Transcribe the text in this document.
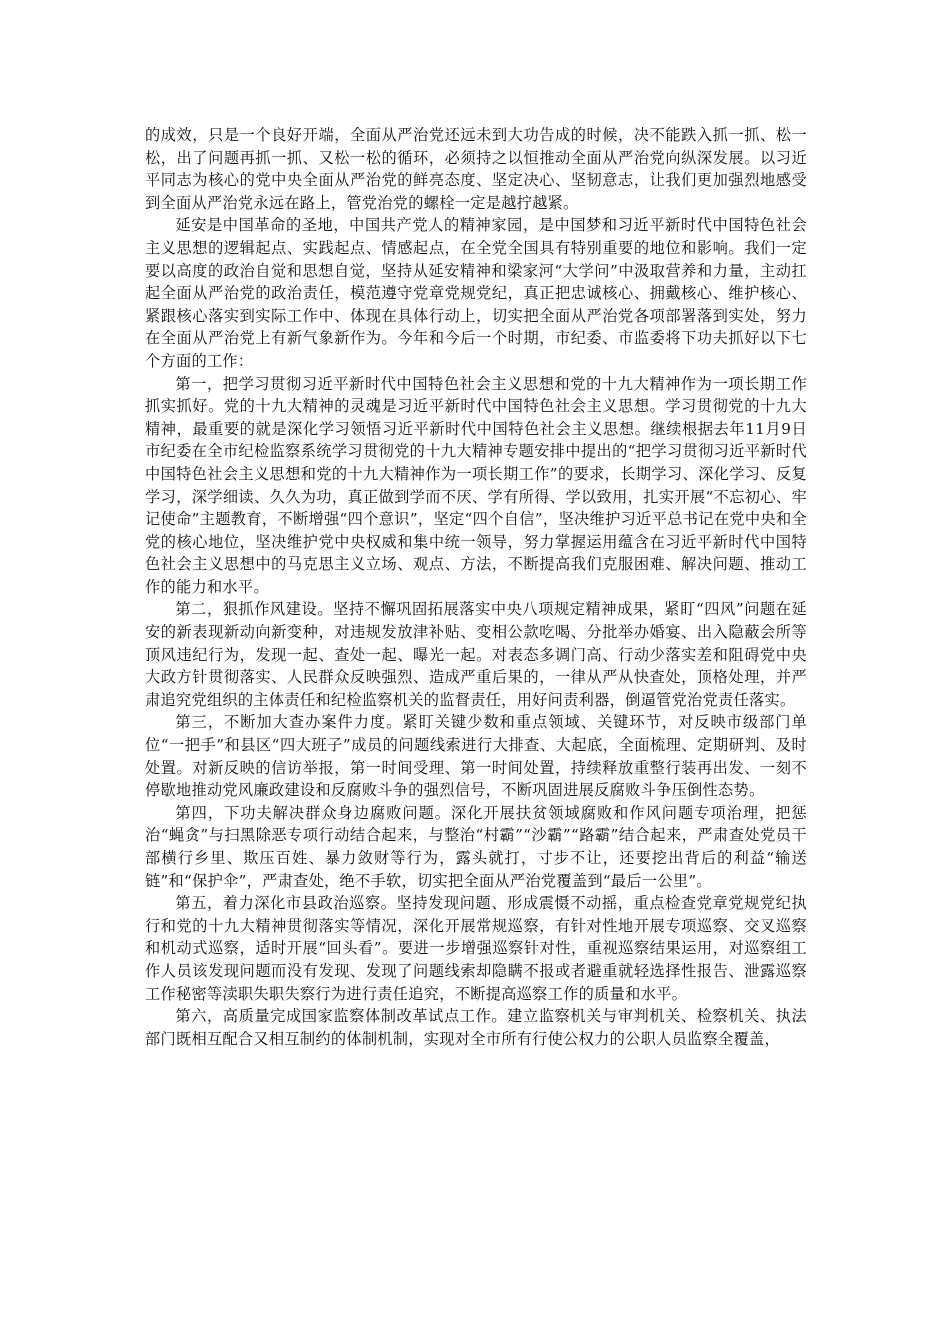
的成效，只是一个良好开端，全面从严治党还远未到大功告成的时候，决不能跌入抓一抓、松一松，出了问题再抓一抓、又松一松的循环，必须持之以恒推动全面从严治党向纵深发展。以习近平同志为核心的党中央全面从严治党的鲜亮态度、坚定决心、坚韧意志，让我们更加强烈地感受到全面从严治党永远在路上，管党治党的螺栓一定是越拧越紧。

延安是中国革命的圣地，中国共产党人的精神家园，是中国梦和习近平新时代中国特色社会主义思想的逻辑起点、实践起点、情感起点，在全党全国具有特别重要的地位和影响。我们一定要以高度的政治自觉和思想自觉，坚持从延安精神和梁家河“大学问”中汲取营养和力量，主动扛起全面从严治党的政治责任，模范遵守党章党规党纪，真正把忠诚核心、拥戴核心、维护核心、紧跟核心落实到实际工作中、体现在具体行动上，切实把全面从严治党各项部署落到实处，努力在全面从严治党上有新气象新作为。今年和今后一个时期，市纪委、市监委将下功夫抓好以下七个方面的工作：

第一，把学习贯彻习近平新时代中国特色社会主义思想和党的十九大精神作为一项长期工作抓实抓好。党的十九大精神的灵魂是习近平新时代中国特色社会主义思想。学习贯彻党的十九大精神，最重要的就是深化学习领悟习近平新时代中国特色社会主义思想。继续根据去年11月9日市纪委在全市纪检监察系统学习贯彻党的十九大精神专题安排中提出的“把学习贯彻习近平新时代中国特色社会主义思想和党的十九大精神作为一项长期工作”的要求，长期学习、深化学习、反复学习，深学细读、久久为功，真正做到学而不厌、学有所得、学以致用，扎实开展“不忘初心、牢记使命”主题教育，不断增强“四个意识”，坚定“四个自信”，坚决维护习近平总书记在党中央和全党的核心地位，坚决维护党中央权威和集中统一领导，努力掌握运用蕴含在习近平新时代中国特色社会主义思想中的马克思主义立场、观点、方法，不断提高我们克服困难、解决问题、推动工作的能力和水平。

第二，狠抓作风建设。坚持不懈巩固拓展落实中央八项规定精神成果，紧盯“四风”问题在延安的新表现新动向新变种，对违规发放津补贴、变相公款吃喝、分批举办婚宴、出入隐蔽会所等顶风违纪行为，发现一起、查处一起、曝光一起。对表态多调门高、行动少落实差和阻碍党中央大政方针贯彻落实、人民群众反映强烈、造成严重后果的，一律从严从快查处，顶格处理，并严肃追究党组织的主体责任和纪检监察机关的监督责任，用好问责利器，倒逼管党治党责任落实。

第三，不断加大查办案件力度。紧盯关键少数和重点领域、关键环节，对反映市级部门单位“一把手”和县区“四大班子”成员的问题线索进行大排查、大起底，全面梳理、定期研判、及时处置。对新反映的信访举报，第一时间受理、第一时间处置，持续释放重整行装再出发、一刻不停歇地推动党风廉政建设和反腐败斗争的强烈信号，不断巩固进展反腐败斗争压倒性态势。

第四，下功夫解决群众身边腐败问题。深化开展扶贫领域腐败和作风问题专项治理，把惩治“蝇贪”与扫黑除恶专项行动结合起来，与整治“村霸”“沙霸”“路霸”结合起来，严肃查处党员干部横行乡里、欺压百姓、暴力敛财等行为，露头就打，寸步不让，还要挖出背后的利益“输送链”和“保护伞”，严肃查处，绝不手软，切实把全面从严治党覆盖到“最后一公里”。

第五，着力深化市县政治巡察。坚持发现问题、形成震慑不动摇，重点检查党章党规党纪执行和党的十九大精神贯彻落实等情况，深化开展常规巡察，有针对性地开展专项巡察、交叉巡察和机动式巡察，适时开展“回头看”。要进一步增强巡察针对性，重视巡察结果运用，对巡察组工作人员该发现问题而没有发现、发现了问题线索却隐瞒不报或者避重就轻选择性报告、泄露巡察工作秘密等渎职失职失察行为进行责任追究，不断提高巡察工作的质量和水平。

第六，高质量完成国家监察体制改革试点工作。建立监察机关与审判机关、检察机关、执法部门既相互配合又相互制约的体制机制，实现对全市所有行使公权力的公职人员监察全覆盖，
